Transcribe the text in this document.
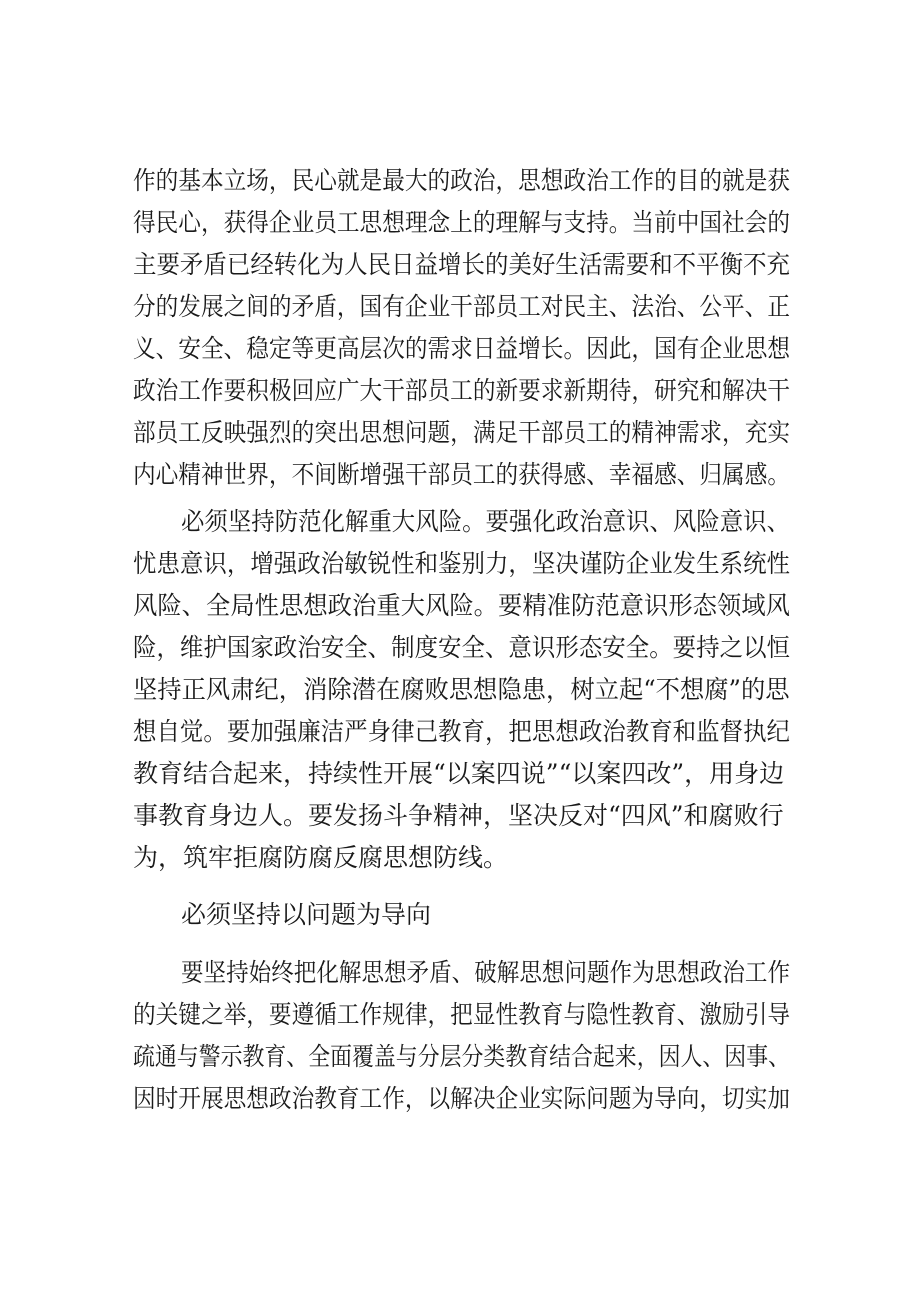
作的基本立场，民心就是最大的政治，思想政治工作的目的就是获
得民心，获得企业员工思想理念上的理解与支持。当前中国社会的
主要矛盾已经转化为人民日益增长的美好生活需要和不平衡不充
分的发展之间的矛盾，国有企业干部员工对民主、法治、公平、正
义、安全、稳定等更高层次的需求日益增长。因此，国有企业思想
政治工作要积极回应广大干部员工的新要求新期待，研究和解决干
部员工反映强烈的突出思想问题，满足干部员工的精神需求，充实
内心精神世界，不间断增强干部员工的获得感、幸福感、归属感。
必须坚持防范化解重大风险。要强化政治意识、风险意识、
忧患意识，增强政治敏锐性和鉴别力，坚决谨防企业发生系统性
风险、全局性思想政治重大风险。要精准防范意识形态领域风
险，维护国家政治安全、制度安全、意识形态安全。要持之以恒
坚持正风肃纪，消除潜在腐败思想隐患，树立起“不想腐”的思
想自觉。要加强廉洁严身律己教育，把思想政治教育和监督执纪
教育结合起来，持续性开展“以案四说”“以案四改”，用身边
事教育身边人。要发扬斗争精神，坚决反对“四风”和腐败行
为，筑牢拒腐防腐反腐思想防线。
必须坚持以问题为导向
要坚持始终把化解思想矛盾、破解思想问题作为思想政治工作
的关键之举，要遵循工作规律，把显性教育与隐性教育、激励引导
疏通与警示教育、全面覆盖与分层分类教育结合起来，因人、因事、
因时开展思想政治教育工作，以解决企业实际问题为导向，切实加
